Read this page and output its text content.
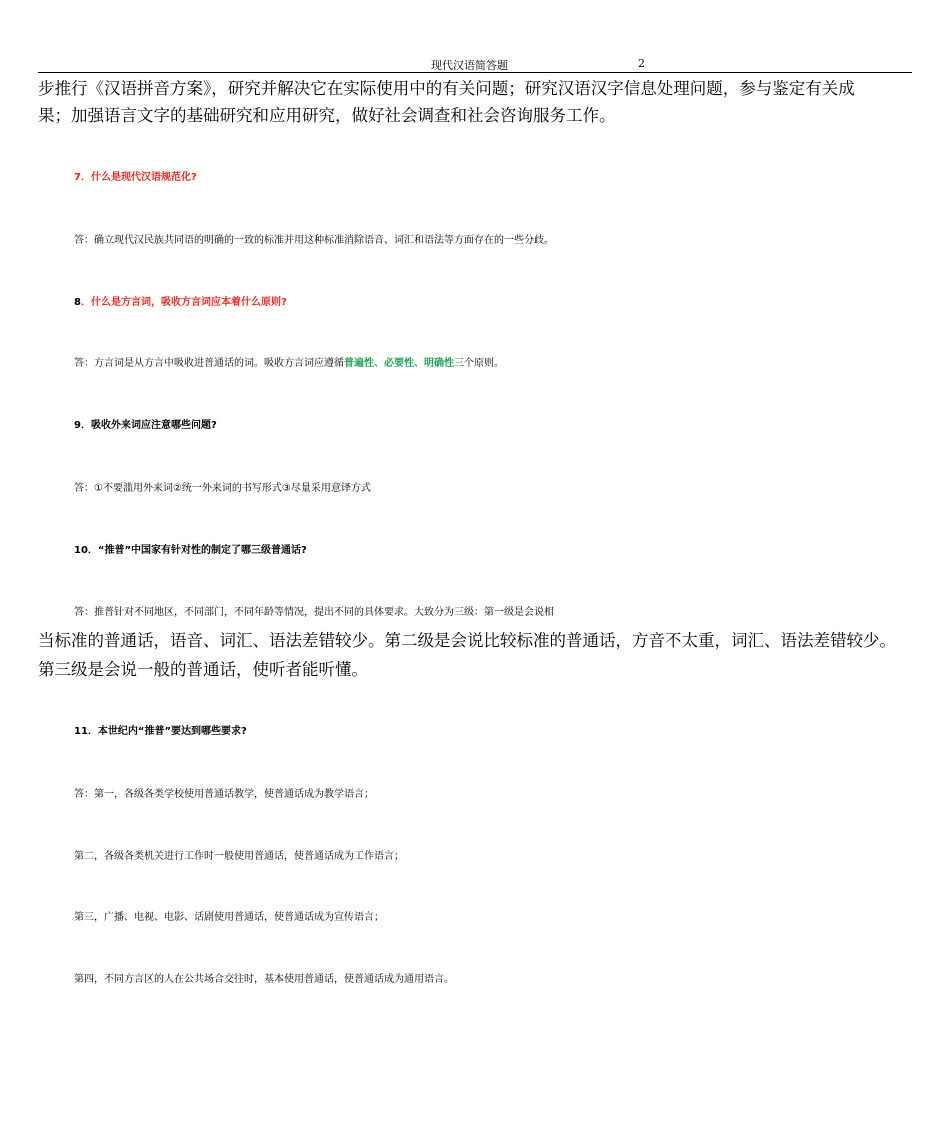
现代汉语简答题	2
步推行《汉语拼音方案》，研究并解决它在实际使用中的有关问题；研究汉语汉字信息处理问题，参与鉴定有关成
果；加强语言文字的基础研究和应用研究，做好社会调查和社会咨询服务工作。
7．什么是现代汉语规范化?
答：确立现代汉民族共同语的明确的一致的标准并用这种标准消除语音、词汇和语法等方面存在的一些分歧。
8．什么是方言词，吸收方言词应本着什么原则?
答：方言词是从方言中吸收进普通话的词。吸收方言词应遵循普遍性、必要性、明确性三个原则。
9．吸收外来词应注意哪些问题?
答：①不要滥用外来词②统一外来词的书写形式③尽量采用意译方式
10．“推普”中国家有针对性的制定了哪三级普通话?
答：推普针对不同地区，不同部门，不同年龄等情况，提出不同的具体要求。大致分为三级：第一级是会说相
当标准的普通话，语音、词汇、语法差错较少。第二级是会说比较标准的普通话，方音不太重，词汇、语法差错较少。
第三级是会说一般的普通话，使听者能听懂。
11．本世纪内“推普”要达到哪些要求?
答：第一，各级各类学校使用普通话教学，使普通话成为教学语言；
第二，各级各类机关进行工作时一般使用普通话，使普通话成为工作语言；
第三，广播、电视、电影、话剧使用普通话，使普通话成为宣传语言；
第四，不同方言区的人在公共场合交往时，基本使用普通话，使普通话成为通用语言。
